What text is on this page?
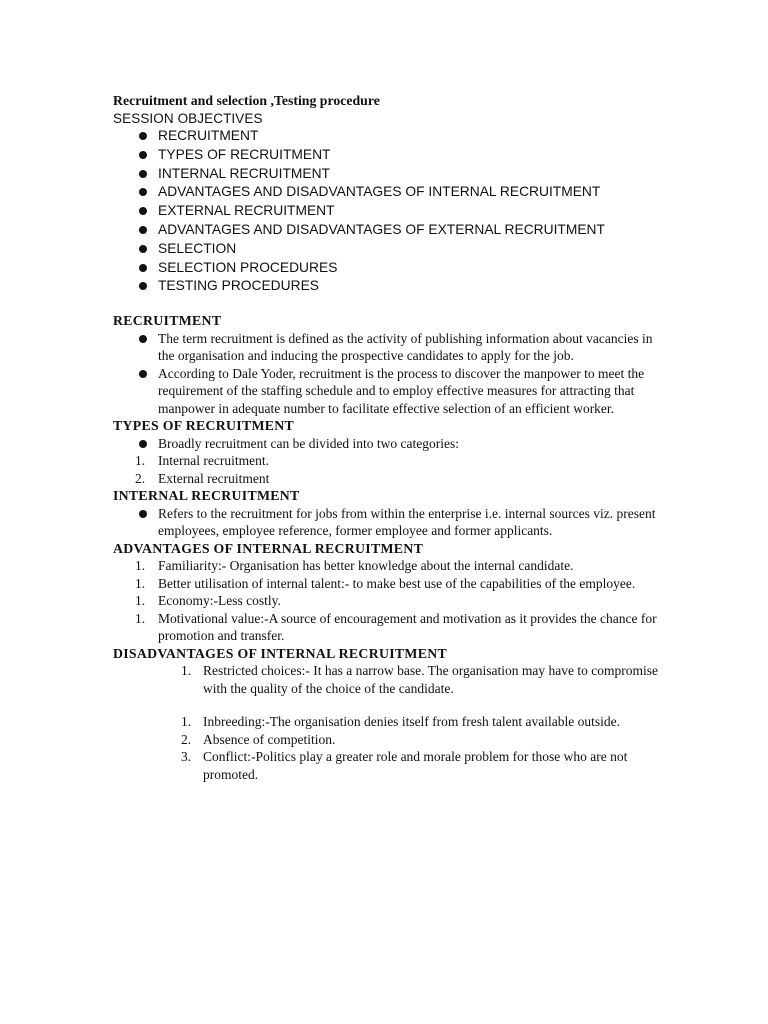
Recruitment and selection ,Testing procedure
SESSION OBJECTIVES
RECRUITMENT
TYPES OF RECRUITMENT
INTERNAL RECRUITMENT
ADVANTAGES AND DISADVANTAGES OF INTERNAL RECRUITMENT
EXTERNAL RECRUITMENT
ADVANTAGES AND DISADVANTAGES OF EXTERNAL RECRUITMENT
SELECTION
SELECTION PROCEDURES
TESTING PROCEDURES
RECRUITMENT
The term recruitment is defined as the activity of publishing information about vacancies in the organisation and inducing the prospective candidates to apply for the job.
According to Dale Yoder, recruitment is the process to discover the manpower to meet the requirement of the staffing schedule and to employ effective measures for attracting that manpower in adequate number to facilitate effective selection of an efficient worker.
TYPES OF RECRUITMENT
Broadly recruitment can be divided into two categories:
1. Internal recruitment.
2. External recruitment
INTERNAL RECRUITMENT
Refers to the recruitment for jobs from within the enterprise i.e. internal sources viz. present employees, employee reference, former employee and former applicants.
ADVANTAGES OF INTERNAL RECRUITMENT
1. Familiarity:- Organisation has better knowledge about the internal candidate.
1. Better utilisation of internal talent:- to make best use of the capabilities of the employee.
1. Economy:-Less costly.
1. Motivational value:-A source of encouragement and motivation as it provides the chance for promotion and transfer.
DISADVANTAGES OF INTERNAL RECRUITMENT
1. Restricted choices:- It has a narrow base. The organisation may have to compromise with the quality of the choice of the candidate.
1. Inbreeding:-The organisation denies itself from fresh talent available outside.
2. Absence of competition.
3. Conflict:-Politics play a greater role and morale problem for those who are not promoted.
